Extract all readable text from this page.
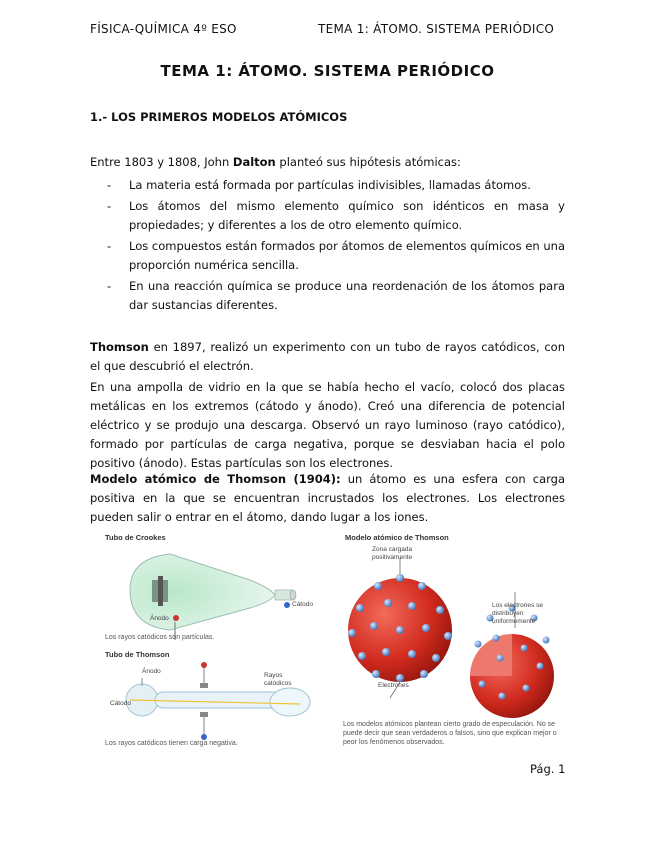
FÍSICA-QUÍMICA 4º ESO	TEMA 1: ÁTOMO. SISTEMA PERIÓDICO
TEMA 1: ÁTOMO. SISTEMA PERIÓDICO
1.- LOS PRIMEROS MODELOS ATÓMICOS
Entre 1803 y 1808, John Dalton planteó sus hipótesis atómicas:
- La materia está formada por partículas indivisibles, llamadas átomos.
- Los átomos del mismo elemento químico son idénticos en masa y propiedades; y diferentes a los de otro elemento químico.
- Los compuestos están formados por átomos de elementos químicos en una proporción numérica sencilla.
- En una reacción química se produce una reordenación de los átomos para dar sustancias diferentes.
Thomson en 1897, realizó un experimento con un tubo de rayos catódicos, con el que descubrió el electrón.
En una ampolla de vidrio en la que se había hecho el vacío, colocó dos placas metálicas en los extremos (cátodo y ánodo). Creó una diferencia de potencial eléctrico y se produjo una descarga. Observó un rayo luminoso (rayo catódico), formado por partículas de carga negativa, porque se desviaban hacia el polo positivo (ánodo). Estas partículas son los electrones.
Modelo atómico de Thomson (1904): un átomo es una esfera con carga positiva en la que se encuentran incrustados los electrones. Los electrones pueden salir o entrar en el átomo, dando lugar a los iones.
Tubo de Crookes
Ánodo
Cátodo
Los rayos catódicos son partículas.
Tubo de Thomson
Ánodo
Cátodo
Rayos catódicos
Los rayos catódicos tienen carga negativa.
Modelo atómico de Thomson
Zona cargada positivamente
Los electrones se distribuyen uniformemente
Electrones
Los modelos atómicos plantean cierto grado de especulación. No se puede decir que sean verdaderos o falsos, sino que explican mejor o peor los fenómenos observados.
Pág. 1
